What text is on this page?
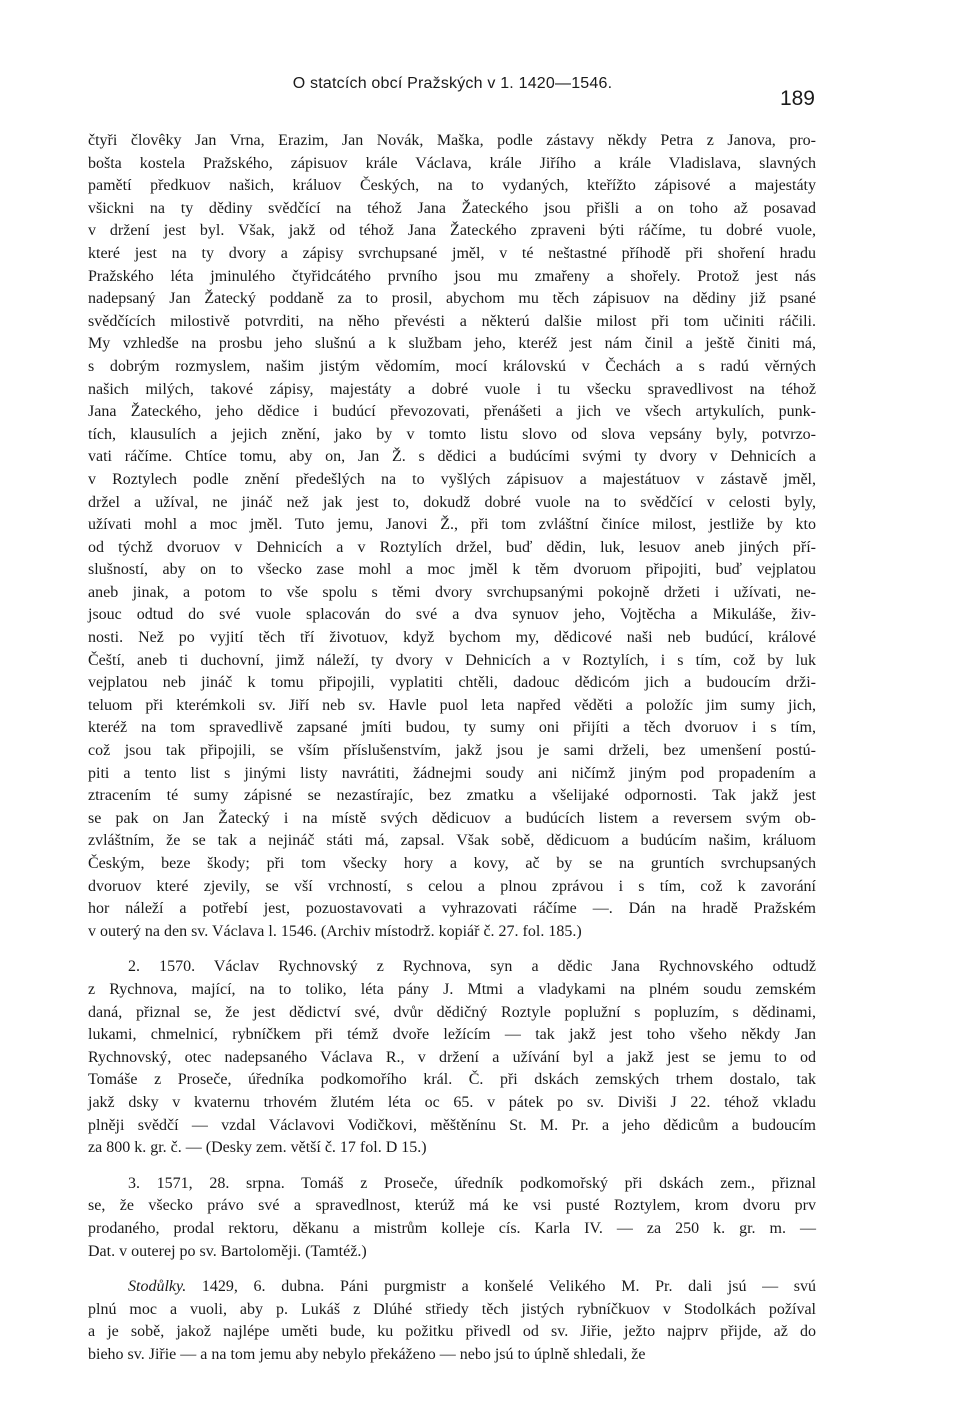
O statcích obcí Pražských v 1. 1420—1546.
189
čtyři človêky Jan Vrna, Erazim, Jan Novák, Maška, podle zástavy někdy Petra z Janova, pro-
bošta kostela Pražského, zápisuov krále Václava, krále Jiřího a krále Vladislava, slavných
pamětí předkuov našich, králuov Českých, na to vydaných, kteřížto zápisové a majestáty
všickni na ty dědiny svědčící na téhož Jana Žateckého jsou přišli a on toho až posavad
v držení jest byl. Však, jakž od téhož Jana Žateckého zpraveni býti ráčíme, tu dobré vuole,
které jest na ty dvory a zápisy svrchupsané jměl, v té neštastné příhodě při shoření hradu
Pražského léta jminulého čtyřidcátého prvního jsou mu zmařeny a shořely. Protož jest nás
nadepsaný Jan Žatecký poddaně za to prosil, abychom mu těch zápisuov na dědiny již psané
svědčících milostivě potvrditi, na něho převésti a některú dalšie milost při tom učiniti ráčili.
My vzhledše na prosbu jeho slušnú a k službam jeho, kteréž jest nám činil a ještě činiti má,
s dobrým rozmyslem, našim jistým vědomím, mocí královskú v Čechách a s radú věrných
našich milých, takové zápisy, majestáty a dobré vuole i tu všecku spravedlivost na téhož
Jana Žateckého, jeho dědice i budúcí převozovati, přenášeti a jich ve všech artykulích, punk-
tích, klausulích a jejich znění, jako by v tomto listu slovo od slova vepsány byly, potvrzo-
vati ráčíme. Chtíce tomu, aby on, Jan Ž. s dědici a budúcími svými ty dvory v Dehnicích a
v Roztylech podle znění předešlých na to vyšlých zápisuov a majestátuov v zástavě jměl,
držel a užíval, ne jináč než jak jest to, dokudž dobré vuole na to svědčící v celosti byly,
užívati mohl a moc jměl. Tuto jemu, Janovi Ž., při tom zvláštní činíce milost, jestliže by kto
od týchž dvoruov v Dehnicích a v Roztylích držel, buď dědin, luk, lesuov aneb jiných pří-
slušností, aby on to všecko zase mohl a moc jměl k těm dvoruom připojiti, buď vejplatou
aneb jinak, a potom to vše spolu s těmi dvory svrchupsanými pokojně držeti i užívati, ne-
jsouc odtud do své vuole splacován do své a dva synuov jeho, Vojtěcha a Mikuláše, živ-
nosti. Než po vyjití těch tří životuov, když bychom my, dědicové naši neb budúcí, králové
Čeští, aneb ti duchovní, jimž náleží, ty dvory v Dehnicích a v Roztylích, i s tím, což by luk
vejplatou neb jináč k tomu připojili, vyplatiti chtěli, dadouc dědicóm jich a budoucím drži-
teluom při kterémkoli sv. Jiří neb sv. Havle puol leta napřed věděti a položíc jim sumy jich,
kteréž na tom spravedlivě zapsané jmíti budou, ty sumy oni přijíti a těch dvoruov i s tím,
což jsou tak připojili, se vším příslušenstvím, jakž jsou je sami drželi, bez umenšení postú-
piti a tento list s jinými listy navrátiti, žádnejmi soudy ani ničímž jiným pod propadením a
ztracením té sumy zápisné se nezastírajíc, bez zmatku a všelijaké odpornosti. Tak jakž jest
se pak on Jan Žatecký i na místě svých dědicuov a budúcích listem a reversem svým ob-
zvláštním, že se tak a nejináč státi má, zapsal. Však sobě, dědicuom a budúcím našim, králuom
Českým, beze škody; při tom všecky hory a kovy, ač by se na gruntích svrchupsaných
dvoruov které zjevily, se vší vrchností, s celou a plnou zprávou i s tím, což k zavorání
hor náleží a potřebí jest, pozuostavovati a vyhrazovati ráčíme —. Dán na hradě Pražském
v outerý na den sv. Václava l. 1546. (Archiv místodrž. kopiář č. 27. fol. 185.)
2. 1570. Václav Rychnovský z Rychnova, syn a dědic Jana Rychnovského odtudž
z Rychnova, mající, na to toliko, léta pány J. Mtmi a vladykami na plném soudu zemském
daná, přiznal se, že jest dědictví své, dvůr dědičný Roztyle poplužní s popluzím, s dědinami,
lukami, chmelnicí, rybníčkem při témž dvoře ležícím — tak jakž jest toho všeho někdy Jan
Rychnovský, otec nadepsaného Václava R., v držení a užívání byl a jakž jest se jemu to od
Tomáše z Proseče, úředníka podkomořího král. Č. při dskách zemských trhem dostalo, tak
jakž dsky v kvaternu trhovém žlutém léta oc 65. v pátek po sv. Diviši J 22. téhož vkladu
plněji svědčí — vzdal Václavovi Vodičkovi, měštěnínu St. M. Pr. a jeho dědicům a budoucím
za 800 k. gr. č. — (Desky zem. větší č. 17 fol. D 15.)
3. 1571, 28. srpna. Tomáš z Proseče, úředník podkomořský při dskách zem., přiznal
se, že všecko právo své a spravedlnost, kterúž má ke vsi pusté Roztylem, krom dvoru prv
prodaného, prodal rektoru, děkanu a mistrům kolleje cís. Karla IV. — za 250 k. gr. m. —
Dat. v outerej po sv. Bartoloměji. (Tamtéž.)
Stodůlky. 1429, 6. dubna. Páni purgmistr a konšelé Velikého M. Pr. dali jsú — svú
plnú moc a vuoli, aby p. Lukáš z Dlúhé střiedy těch jistých rybníčkuov v Stodolkách požíval
a je sobě, jakož najlépe uměti bude, ku požitku přivedl od sv. Jiřie, ježto najprv přijde, až do
bieho sv. Jiřie — a na tom jemu aby nebylo překáženo — nebo jsú to úplně shledali, že
